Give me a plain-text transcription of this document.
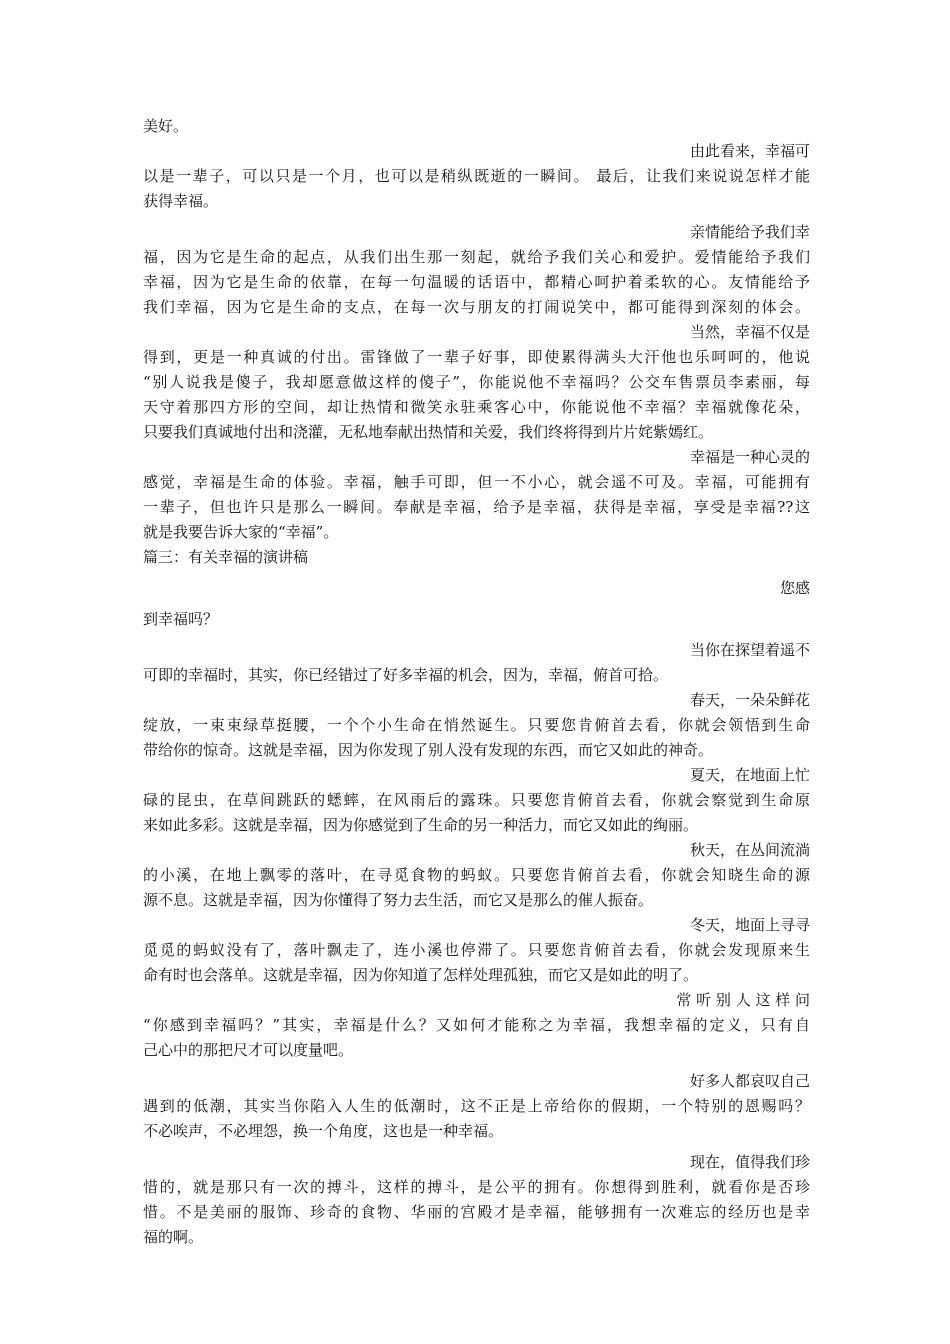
美好。
由此看来，幸福可
以是一辈子，可以只是一个月，也可以是稍纵既逝的一瞬间。 最后，让我们来说说怎样才能
获得幸福。
亲情能给予我们幸
福，因为它是生命的起点，从我们出生那一刻起，就给予我们关心和爱护。爱情能给予我们
幸福，因为它是生命的依靠，在每一句温暖的话语中，都精心呵护着柔软的心。友情能给予
我们幸福，因为它是生命的支点，在每一次与朋友的打闹说笑中，都可能得到深刻的体会。
当然，幸福不仅是
得到，更是一种真诚的付出。雷锋做了一辈子好事，即使累得满头大汗他也乐呵呵的，他说
“别人说我是傻子，我却愿意做这样的傻子”，你能说他不幸福吗？公交车售票员李素丽，每
天守着那四方形的空间，却让热情和微笑永驻乘客心中，你能说他不幸福？幸福就像花朵，
只要我们真诚地付出和浇灌，无私地奉献出热情和关爱，我们终将得到片片姹紫嫣红。
幸福是一种心灵的
感觉，幸福是生命的体验。幸福，触手可即，但一不小心，就会遥不可及。幸福，可能拥有
一辈子，但也许只是那么一瞬间。奉献是幸福，给予是幸福，获得是幸福，享受是幸福??这
就是我要告诉大家的“幸福”。
篇三：有关幸福的演讲稿
您感
到幸福吗？
当你在探望着遥不
可即的幸福时，其实，你已经错过了好多幸福的机会，因为，幸福，俯首可拾。
春天，一朵朵鲜花
绽放，一束束绿草挺腰，一个个小生命在悄然诞生。只要您肯俯首去看，你就会领悟到生命
带给你的惊奇。这就是幸福，因为你发现了别人没有发现的东西，而它又如此的神奇。
夏天，在地面上忙
碌的昆虫，在草间跳跃的蟋蟀，在风雨后的露珠。只要您肯俯首去看，你就会察觉到生命原
来如此多彩。这就是幸福，因为你感觉到了生命的另一种活力，而它又如此的绚丽。
秋天，在丛间流淌
的小溪，在地上飘零的落叶，在寻觅食物的蚂蚁。只要您肯俯首去看，你就会知晓生命的源
源不息。这就是幸福，因为你懂得了努力去生活，而它又是那么的催人振奋。
冬天，地面上寻寻
觅觅的蚂蚁没有了，落叶飘走了，连小溪也停滞了。只要您肯俯首去看，你就会发现原来生
命有时也会落单。这就是幸福，因为你知道了怎样处理孤独，而它又是如此的明了。
常 听 别 人 这 样 问
“你感到幸福吗？”其实，幸福是什么？又如何才能称之为幸福，我想幸福的定义，只有自
己心中的那把尺才可以度量吧。
好多人都哀叹自己
遇到的低潮，其实当你陷入人生的低潮时，这不正是上帝给你的假期，一个特别的恩赐吗？
不必唉声，不必埋怨，换一个角度，这也是一种幸福。
现在，值得我们珍
惜的，就是那只有一次的搏斗，这样的搏斗，是公平的拥有。你想得到胜利，就看你是否珍
惜。不是美丽的服饰、珍奇的食物、华丽的宫殿才是幸福，能够拥有一次难忘的经历也是幸
福的啊。
